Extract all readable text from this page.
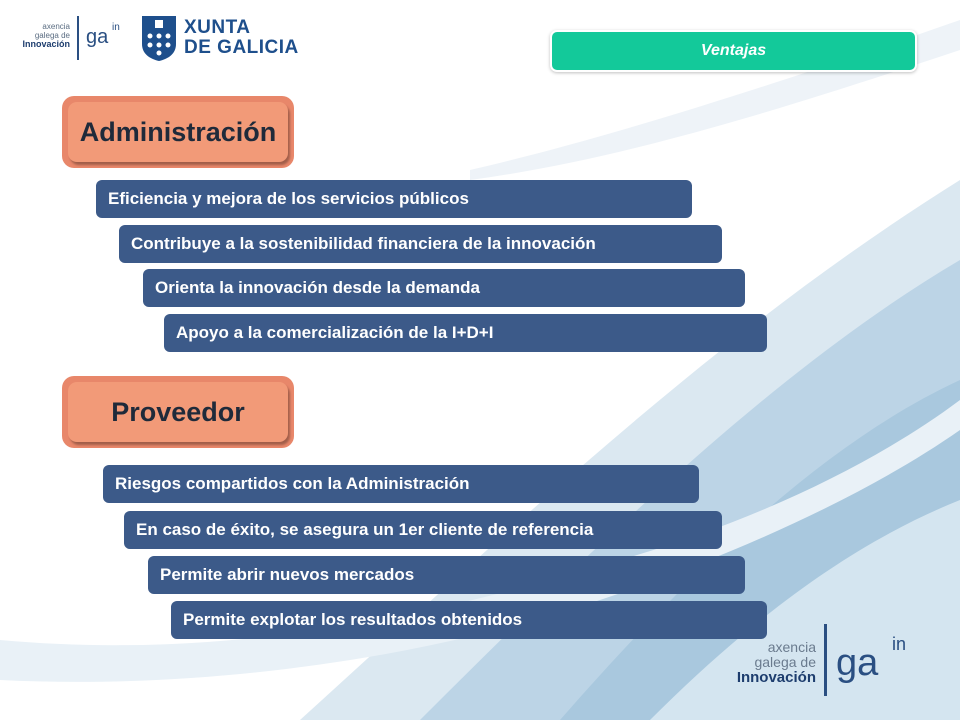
axencia
galega de
Innovación ga in	XUNTA
DE GALICIA	Ventajas
Administración
Eficiencia y mejora de los servicios públicos
Contribuye a la sostenibilidad financiera de la innovación
Orienta la innovación desde la demanda
Apoyo a la comercialización de la I+D+I
Proveedor
Riesgos compartidos con la Administración
En caso de éxito, se asegura un 1er cliente de referencia
Permite abrir nuevos mercados
Permite explotar los resultados obtenidos
axencia
galega de
Innovación ga in
